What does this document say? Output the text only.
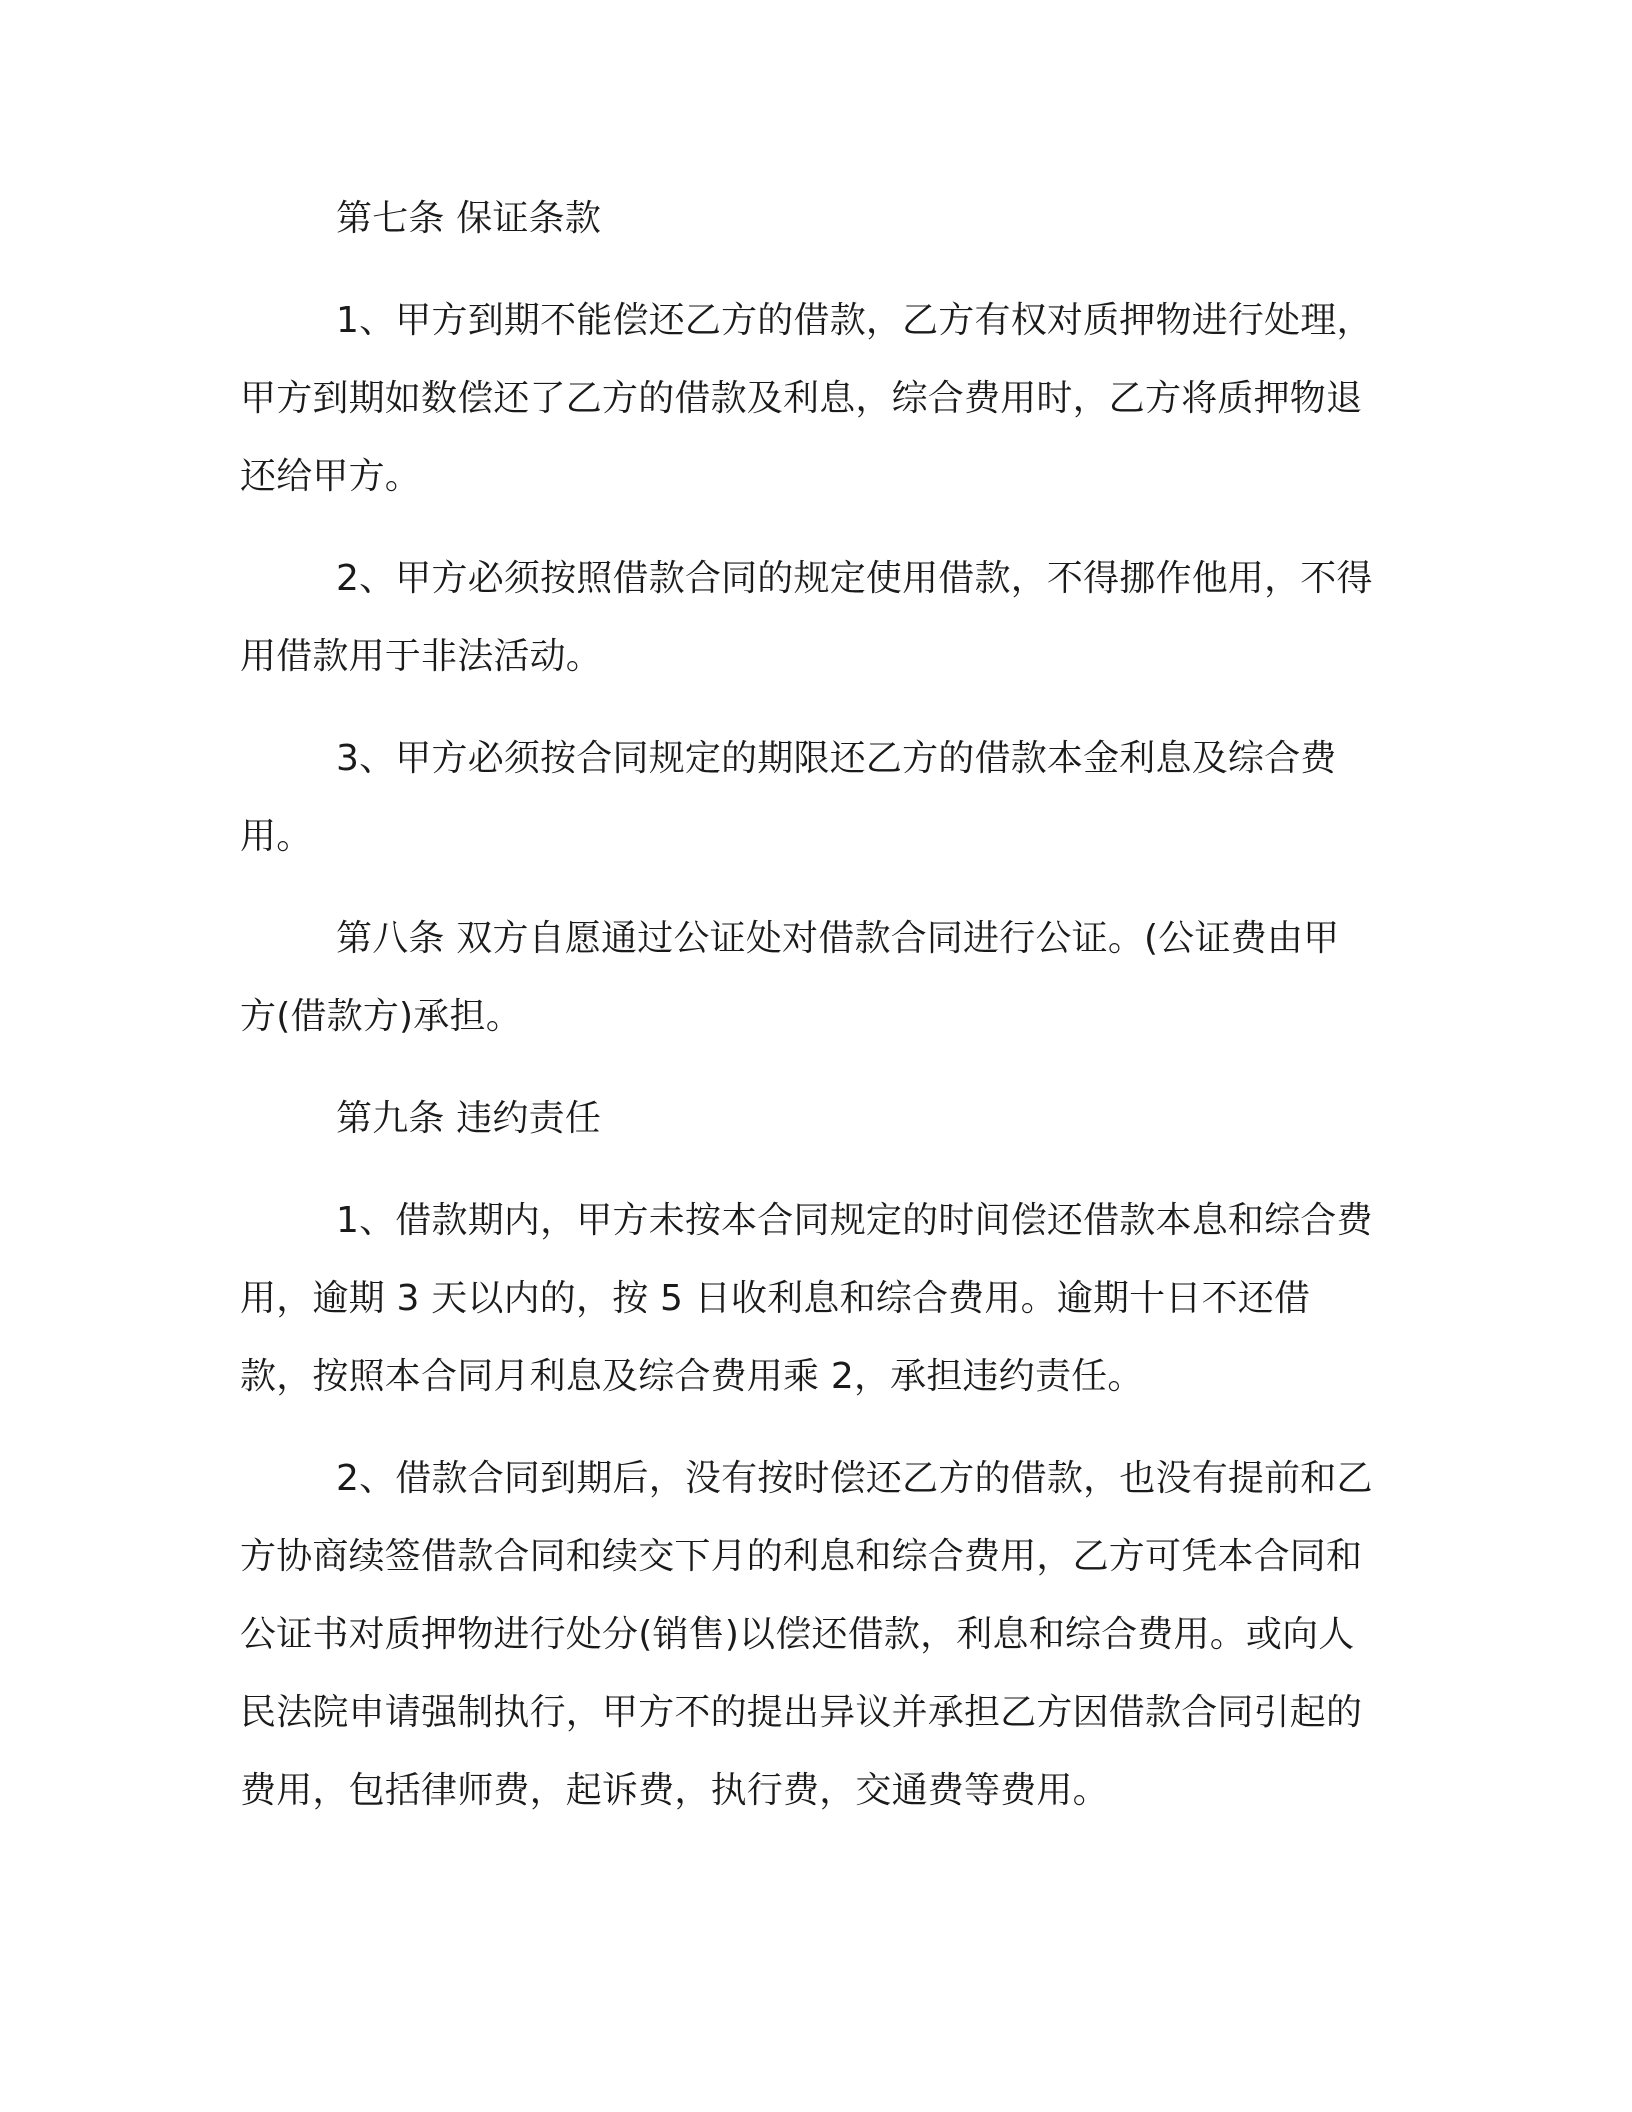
第七条 保证条款

1、甲方到期不能偿还乙方的借款，乙方有权对质押物进行处理，甲方到期如数偿还了乙方的借款及利息，综合费用时，乙方将质押物退还给甲方。

2、甲方必须按照借款合同的规定使用借款，不得挪作他用，不得用借款用于非法活动。

3、甲方必须按合同规定的期限还乙方的借款本金利息及综合费用。

第八条 双方自愿通过公证处对借款合同进行公证。(公证费由甲方(借款方)承担。

第九条 违约责任

1、借款期内，甲方未按本合同规定的时间偿还借款本息和综合费用，逾期 3 天以内的，按 5 日收利息和综合费用。逾期十日不还借款，按照本合同月利息及综合费用乘 2，承担违约责任。

2、借款合同到期后，没有按时偿还乙方的借款，也没有提前和乙方协商续签借款合同和续交下月的利息和综合费用，乙方可凭本合同和公证书对质押物进行处分(销售)以偿还借款，利息和综合费用。或向人民法院申请强制执行，甲方不的提出异议并承担乙方因借款合同引起的费用，包括律师费，起诉费，执行费，交通费等费用。
